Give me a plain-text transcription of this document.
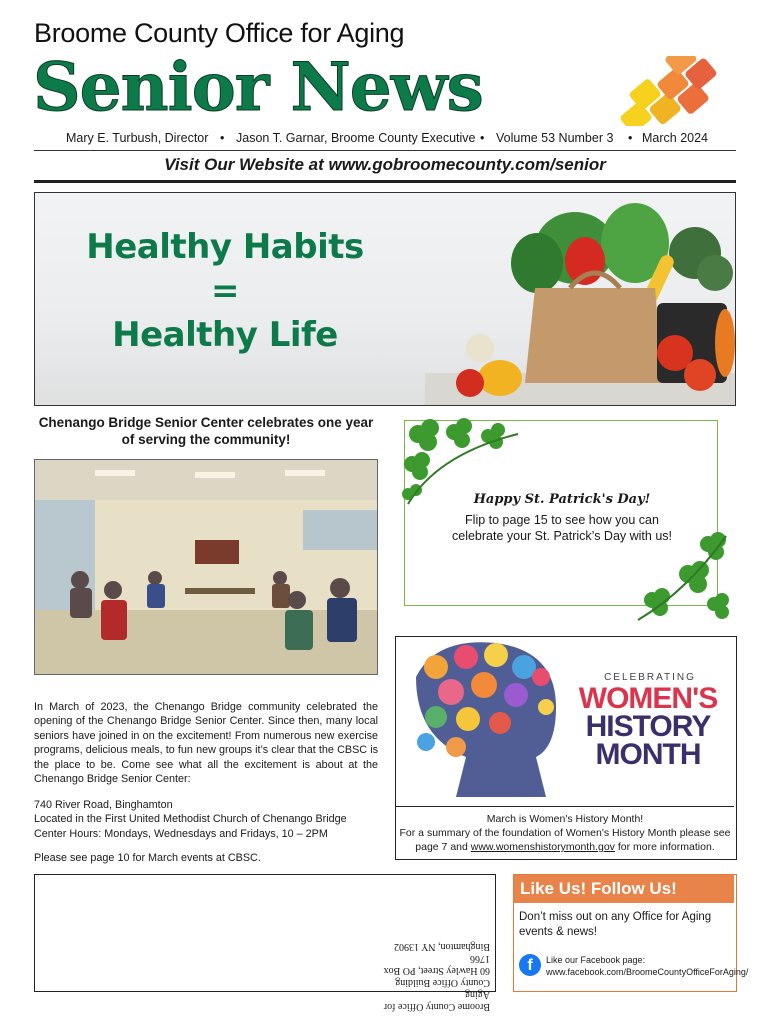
Broome County Office for Aging
Senior News
Mary E. Turbush, Director • Jason T. Garnar, Broome County Executive • Volume 53 Number 3 • March 2024
Visit Our Website at www.gobroomecounty.com/senior
Healthy Habits
=
Healthy Life
Chenango Bridge Senior Center celebrates one year of serving the community!
In March of 2023, the Chenango Bridge community celebrated the opening of the Chenango Bridge Senior Center. Since then, many local seniors have joined in on the excitement! From numerous new exercise programs, delicious meals, to fun new groups it’s clear that the CBSC is the place to be. Come see what all the excitement is about at the Chenango Bridge Senior Center:
740 River Road, Binghamton
Located in the First United Methodist Church of Chenango Bridge
Center Hours: Mondays, Wednesdays and Fridays, 10 – 2PM
Please see page 10 for March events at CBSC.
Happy St. Patrick's Day!
Flip to page 15 to see how you can celebrate your St. Patrick’s Day with us!
CELEBRATING
WOMEN'S
HISTORY
MONTH
March is Women's History Month!
For a summary of the foundation of Women's History Month please see page 7 and www.womenshistorymonth.gov for more information.
Broome County Office for Aging
County Office Building
60 Hawley Street, PO Box 1766
Binghamton, NY 13902
Like Us! Follow Us!
Don’t miss out on any Office for Aging events & news!
f	Like our Facebook page:
www.facebook.com/BroomeCountyOfficeForAging/
